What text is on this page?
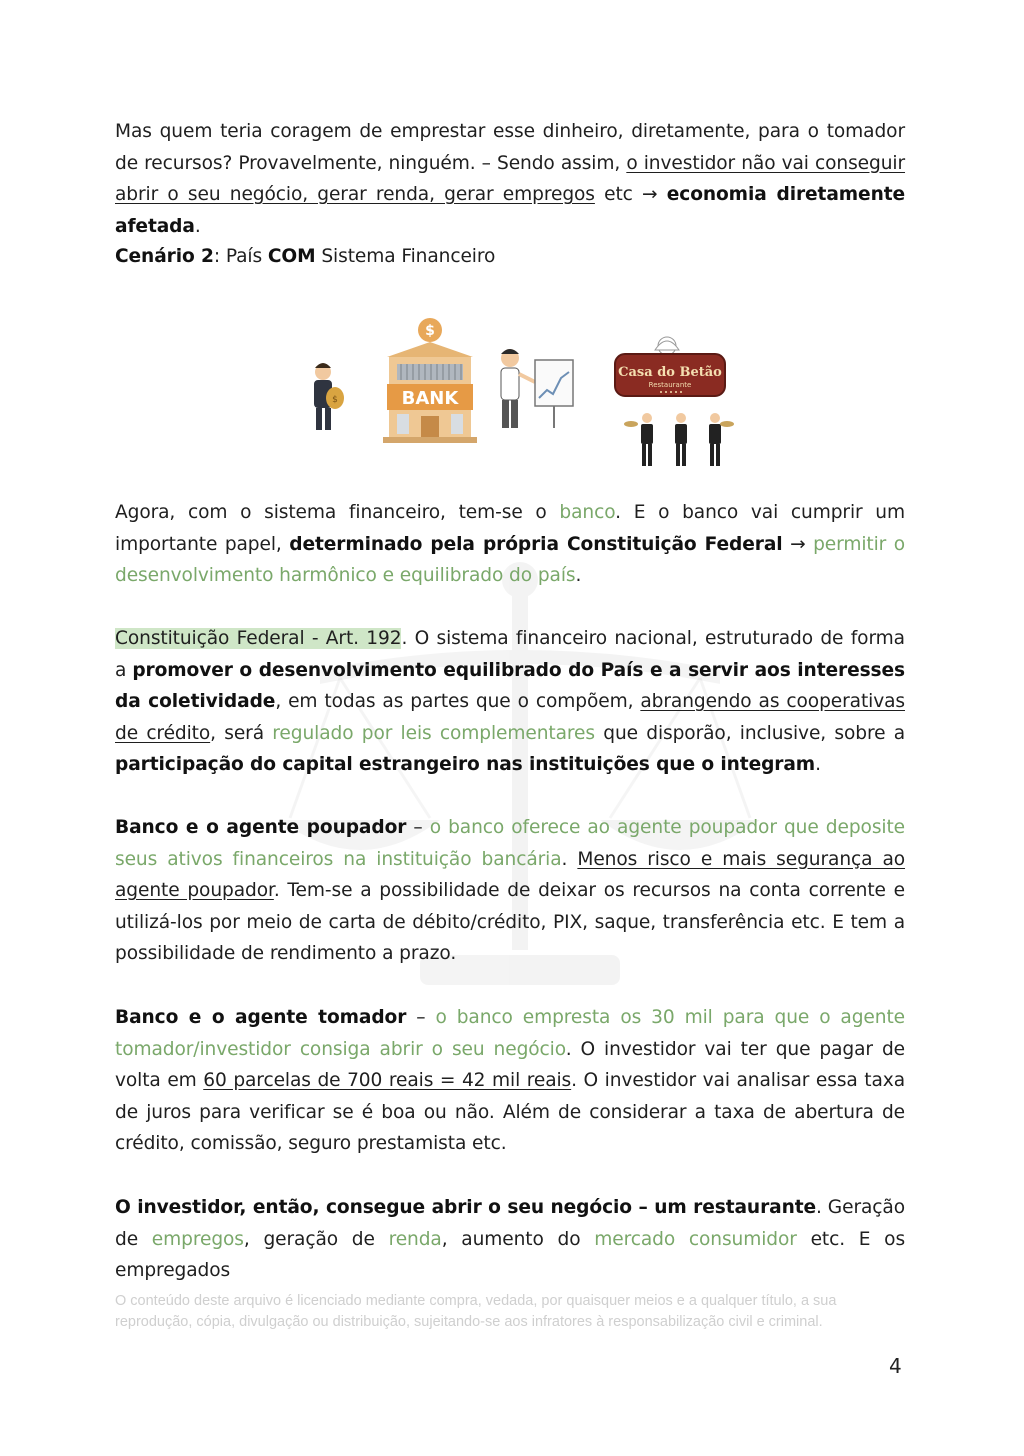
Mas quem teria coragem de emprestar esse dinheiro, diretamente, para o tomador de recursos? Provavelmente, ninguém. – Sendo assim, o investidor não vai conseguir abrir o seu negócio, gerar renda, gerar empregos etc → economia diretamente afetada.

Cenário 2: País COM Sistema Financeiro

$
$
BANK
Casa do Betão
Restaurante

Agora, com o sistema financeiro, tem-se o banco. E o banco vai cumprir um importante papel, determinado pela própria Constituição Federal → permitir o desenvolvimento harmônico e equilibrado do país.

Constituição Federal - Art. 192. O sistema financeiro nacional, estruturado de forma a promover o desenvolvimento equilibrado do País e a servir aos interesses da coletividade, em todas as partes que o compõem, abrangendo as cooperativas de crédito, será regulado por leis complementares que disporão, inclusive, sobre a participação do capital estrangeiro nas instituições que o integram.

Banco e o agente poupador – o banco oferece ao agente poupador que deposite seus ativos financeiros na instituição bancária. Menos risco e mais segurança ao agente poupador. Tem-se a possibilidade de deixar os recursos na conta corrente e utilizá-los por meio de carta de débito/crédito, PIX, saque, transferência etc. E tem a possibilidade de rendimento a prazo.

Banco e o agente tomador – o banco empresta os 30 mil para que o agente tomador/investidor consiga abrir o seu negócio. O investidor vai ter que pagar de volta em 60 parcelas de 700 reais = 42 mil reais. O investidor vai analisar essa taxa de juros para verificar se é boa ou não. Além de considerar a taxa de abertura de crédito, comissão, seguro prestamista etc.

O investidor, então, consegue abrir o seu negócio – um restaurante. Geração de empregos, geração de renda, aumento do mercado consumidor etc. E os empregados

O conteúdo deste arquivo é licenciado mediante compra, vedada, por quaisquer meios e a qualquer título, a sua reprodução, cópia, divulgação ou distribuição, sujeitando-se aos infratores à responsabilização civil e criminal.
4
